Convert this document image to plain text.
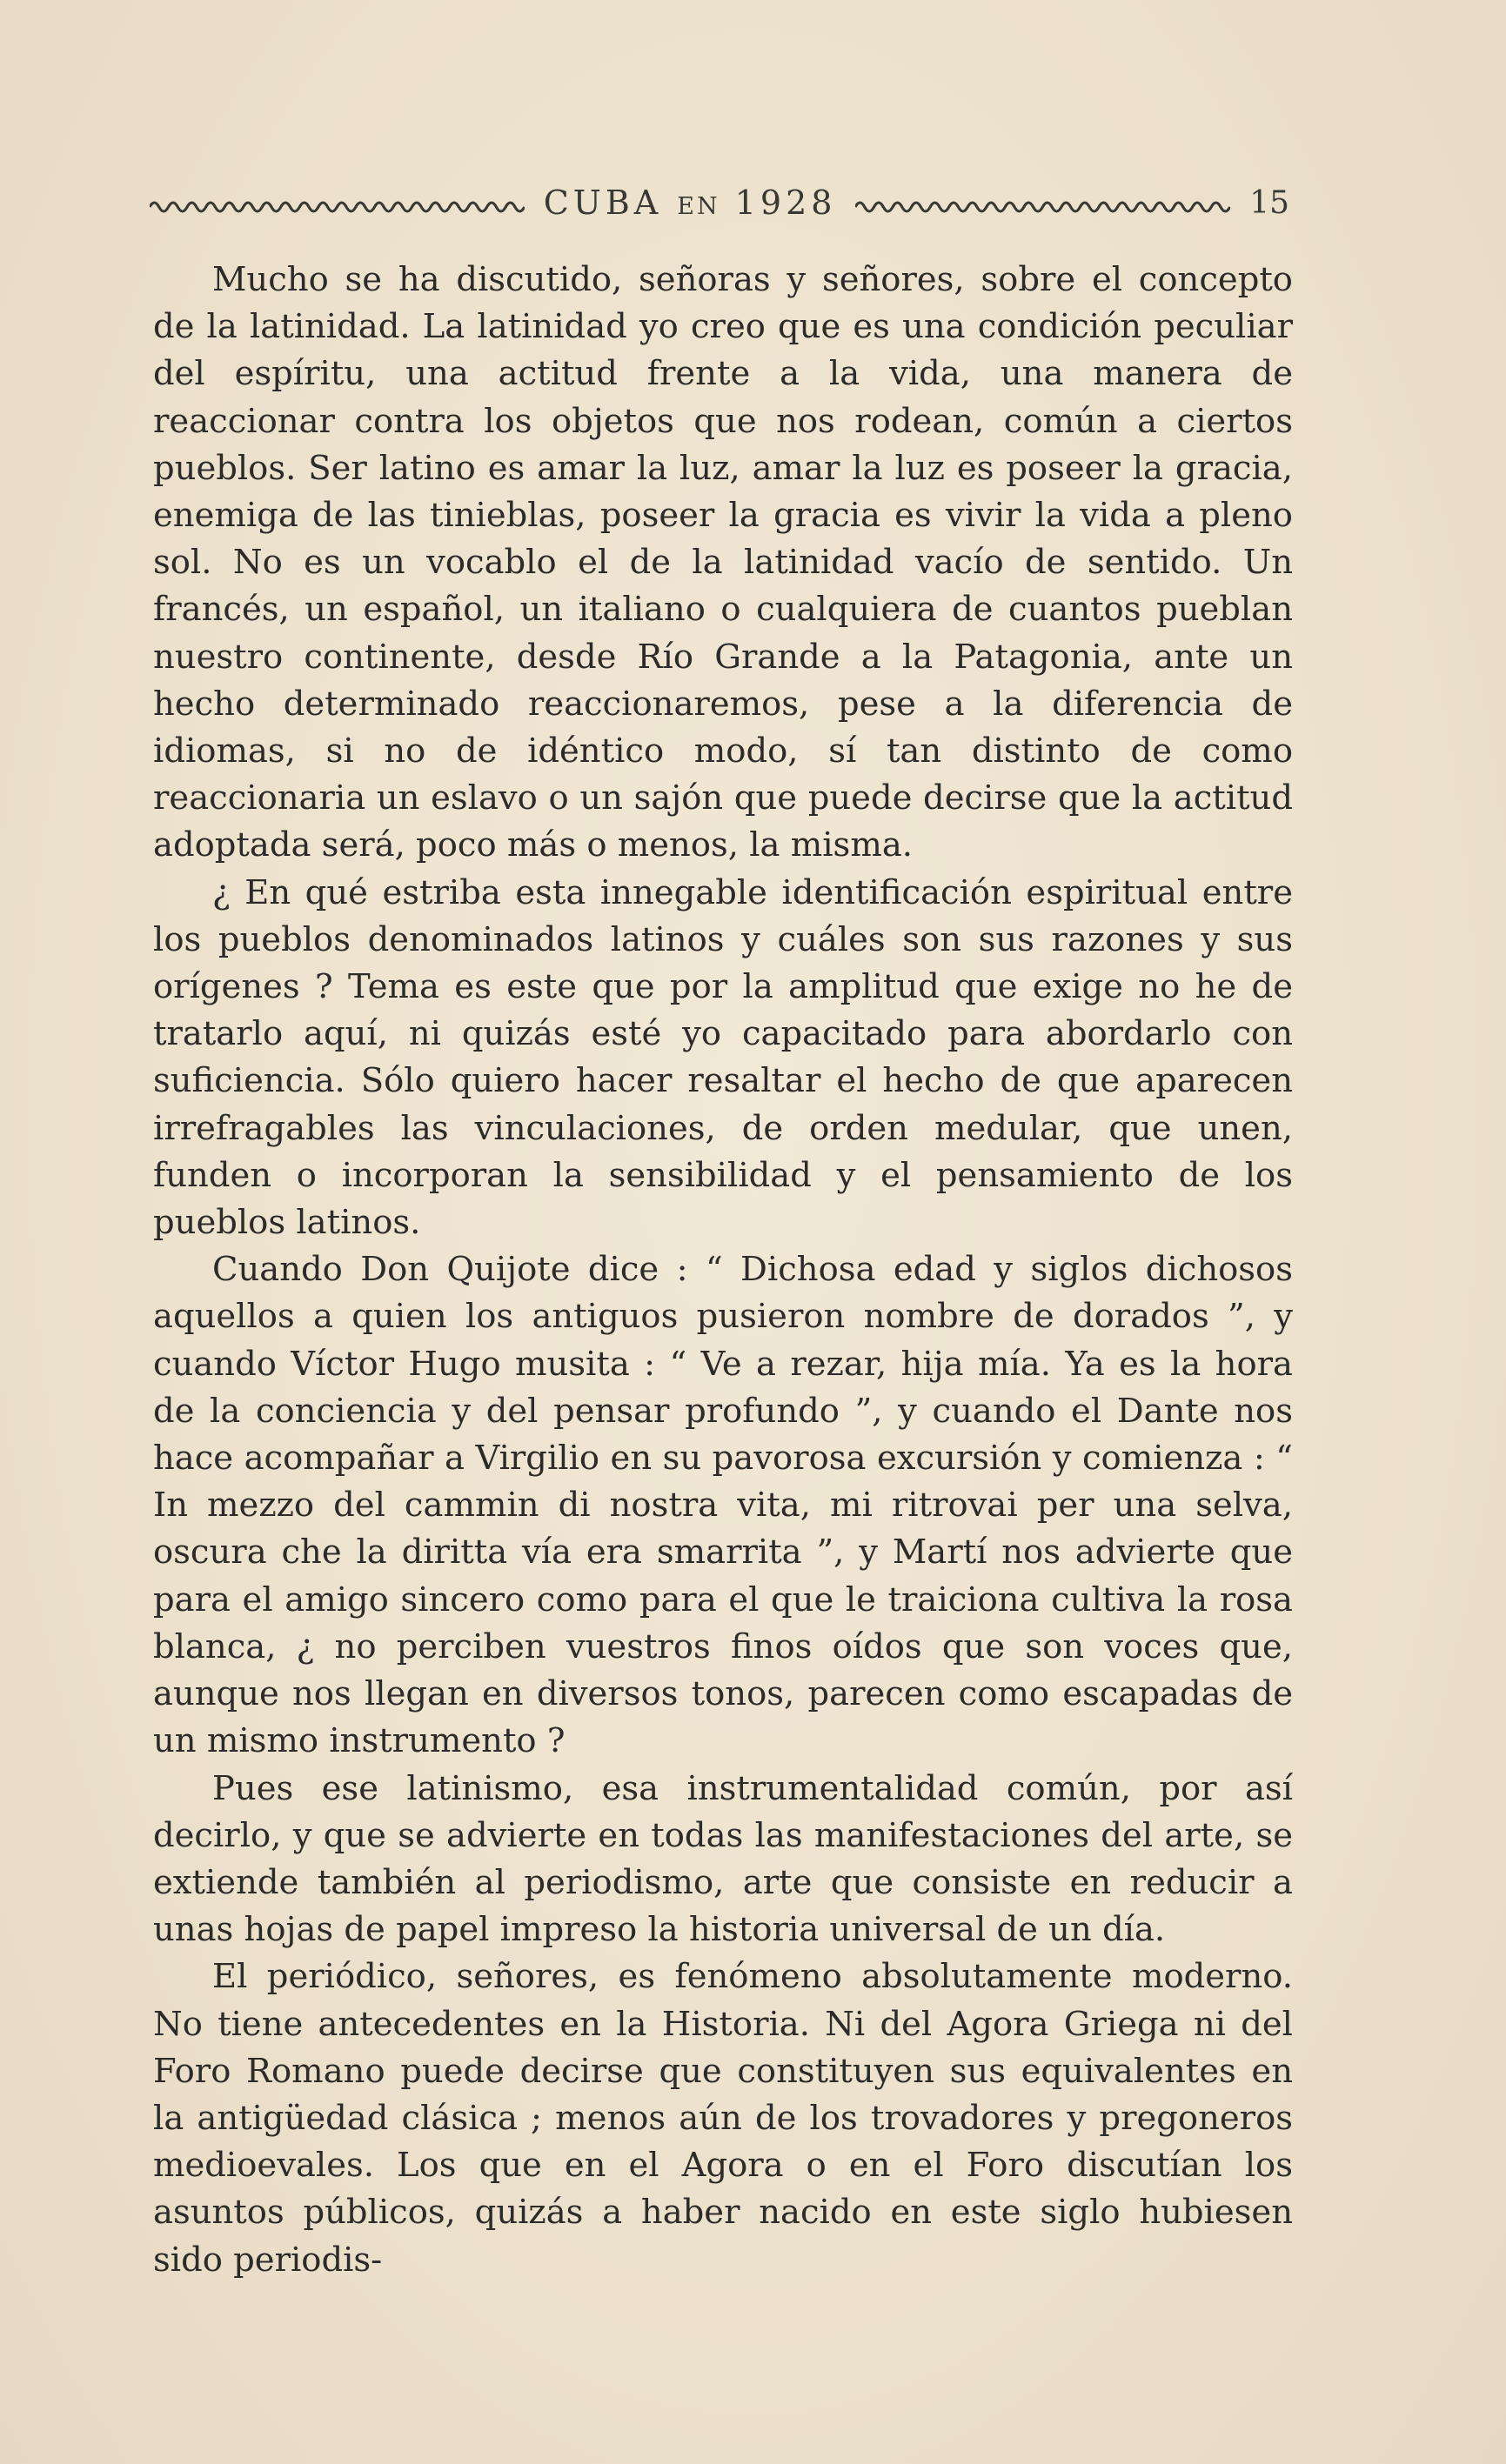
CUBA EN 1928	15

Mucho se ha discutido, señoras y señores, sobre el concepto de la latinidad. La latinidad yo creo que es una condición peculiar del espíritu, una actitud frente a la vida, una manera de reaccionar contra los objetos que nos rodean, común a ciertos pueblos. Ser latino es amar la luz, amar la luz es poseer la gracia, enemiga de las tinieblas, poseer la gracia es vivir la vida a pleno sol. No es un vocablo el de la latinidad vacío de sentido. Un francés, un español, un italiano o cualquiera de cuantos pueblan nuestro continente, desde Río Grande a la Patagonia, ante un hecho determinado reaccionaremos, pese a la diferencia de idiomas, si no de idéntico modo, sí tan distinto de como reaccionaria un eslavo o un sajón que puede decirse que la actitud adoptada será, poco más o menos, la misma.

¿ En qué estriba esta innegable identificación espiritual entre los pueblos denominados latinos y cuáles son sus razones y sus orígenes ? Tema es este que por la amplitud que exige no he de tratarlo aquí, ni quizás esté yo capacitado para abordarlo con suficiencia. Sólo quiero hacer resaltar el hecho de que aparecen irrefragables las vinculaciones, de orden medular, que unen, funden o incorporan la sensibilidad y el pensamiento de los pueblos latinos.

Cuando Don Quijote dice : “ Dichosa edad y siglos dichosos aquellos a quien los antiguos pusieron nombre de dorados ”, y cuando Víctor Hugo musita : “ Ve a rezar, hija mía. Ya es la hora de la conciencia y del pensar profundo ”, y cuando el Dante nos hace acompañar a Virgilio en su pavorosa excursión y comienza : “ In mezzo del cammin di nostra vita, mi ritrovai per una selva, oscura che la diritta vía era smarrita ”, y Martí nos advierte que para el amigo sincero como para el que le traiciona cultiva la rosa blanca, ¿ no perciben vuestros finos oídos que son voces que, aunque nos llegan en diversos tonos, parecen como escapadas de un mismo instrumento ?

Pues ese latinismo, esa instrumentalidad común, por así decirlo, y que se advierte en todas las manifestaciones del arte, se extiende también al periodismo, arte que consiste en reducir a unas hojas de papel impreso la historia universal de un día.

El periódico, señores, es fenómeno absolutamente moderno. No tiene antecedentes en la Historia. Ni del Agora Griega ni del Foro Romano puede decirse que constituyen sus equivalentes en la antigüedad clásica ; menos aún de los trovadores y pregoneros medioevales. Los que en el Agora o en el Foro discutían los asuntos públicos, quizás a haber nacido en este siglo hubiesen sido periodis-
